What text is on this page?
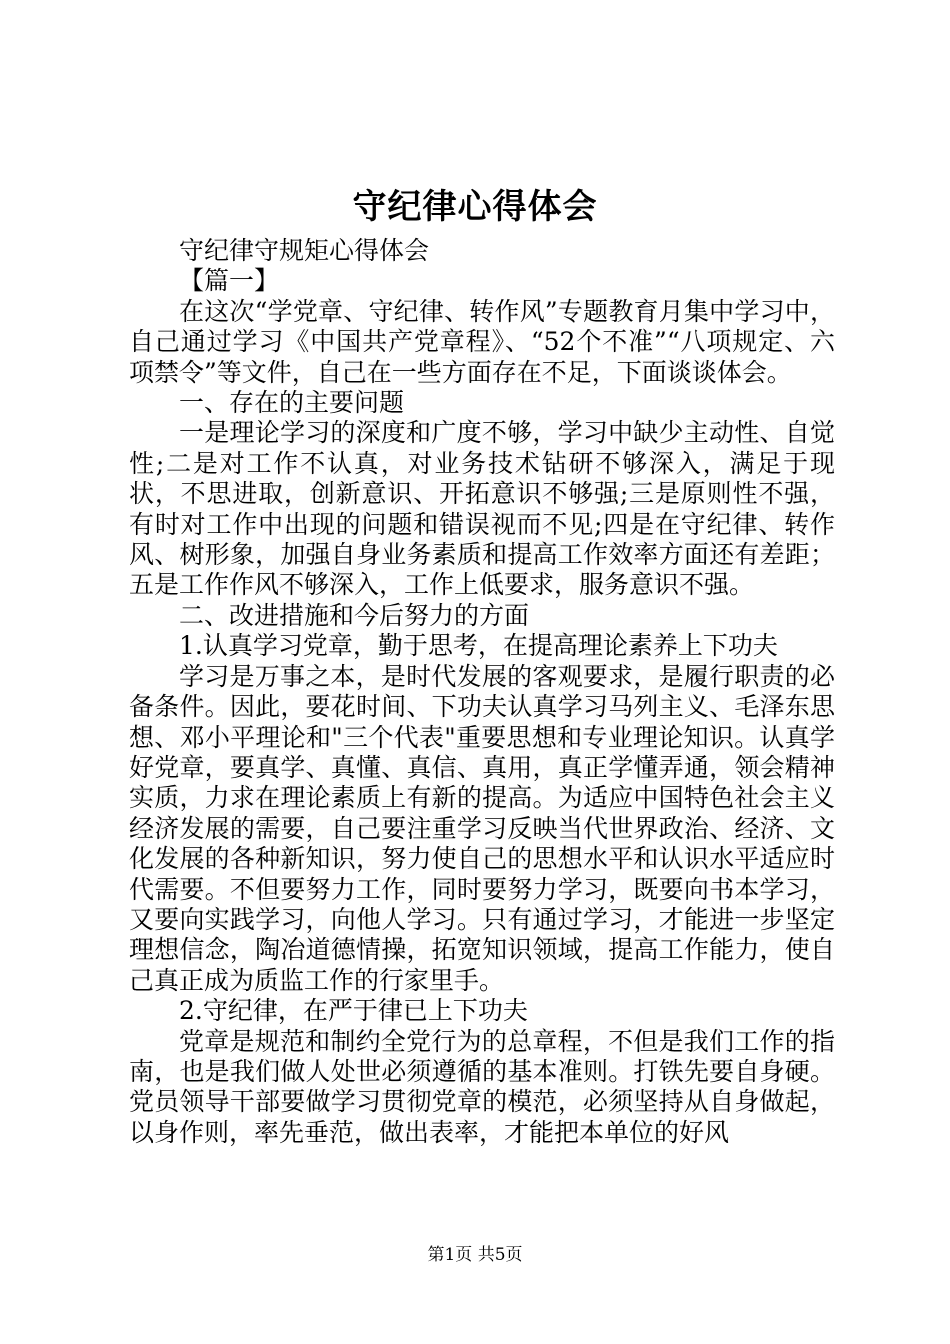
守纪律心得体会

守纪律守规矩心得体会

【篇一】

在这次“学党章、守纪律、转作风”专题教育月集中学习中，自己通过学习《中国共产党章程》、“52个不准”“八项规定、六项禁令”等文件，自己在一些方面存在不足，下面谈谈体会。

一、存在的主要问题

一是理论学习的深度和广度不够，学习中缺少主动性、自觉性;二是对工作不认真，对业务技术钻研不够深入，满足于现状，不思进取，创新意识、开拓意识不够强;三是原则性不强，有时对工作中出现的问题和错误视而不见;四是在守纪律、转作风、树形象，加强自身业务素质和提高工作效率方面还有差距；五是工作作风不够深入，工作上低要求，服务意识不强。

二、改进措施和今后努力的方面

1.认真学习党章，勤于思考，在提高理论素养上下功夫

学习是万事之本，是时代发展的客观要求，是履行职责的必备条件。因此，要花时间、下功夫认真学习马列主义、毛泽东思想、邓小平理论和"三个代表"重要思想和专业理论知识。认真学好党章，要真学、真懂、真信、真用，真正学懂弄通，领会精神实质，力求在理论素质上有新的提高。为适应中国特色社会主义经济发展的需要，自己要注重学习反映当代世界政治、经济、文化发展的各种新知识，努力使自己的思想水平和认识水平适应时代需要。不但要努力工作，同时要努力学习，既要向书本学习，又要向实践学习，向他人学习。只有通过学习，才能进一步坚定理想信念，陶冶道德情操，拓宽知识领域，提高工作能力，使自己真正成为质监工作的行家里手。

2.守纪律，在严于律已上下功夫

党章是规范和制约全党行为的总章程，不但是我们工作的指南，也是我们做人处世必须遵循的基本准则。打铁先要自身硬。党员领导干部要做学习贯彻党章的模范，必须坚持从自身做起，以身作则，率先垂范，做出表率，才能把本单位的好风

第1页 共5页
